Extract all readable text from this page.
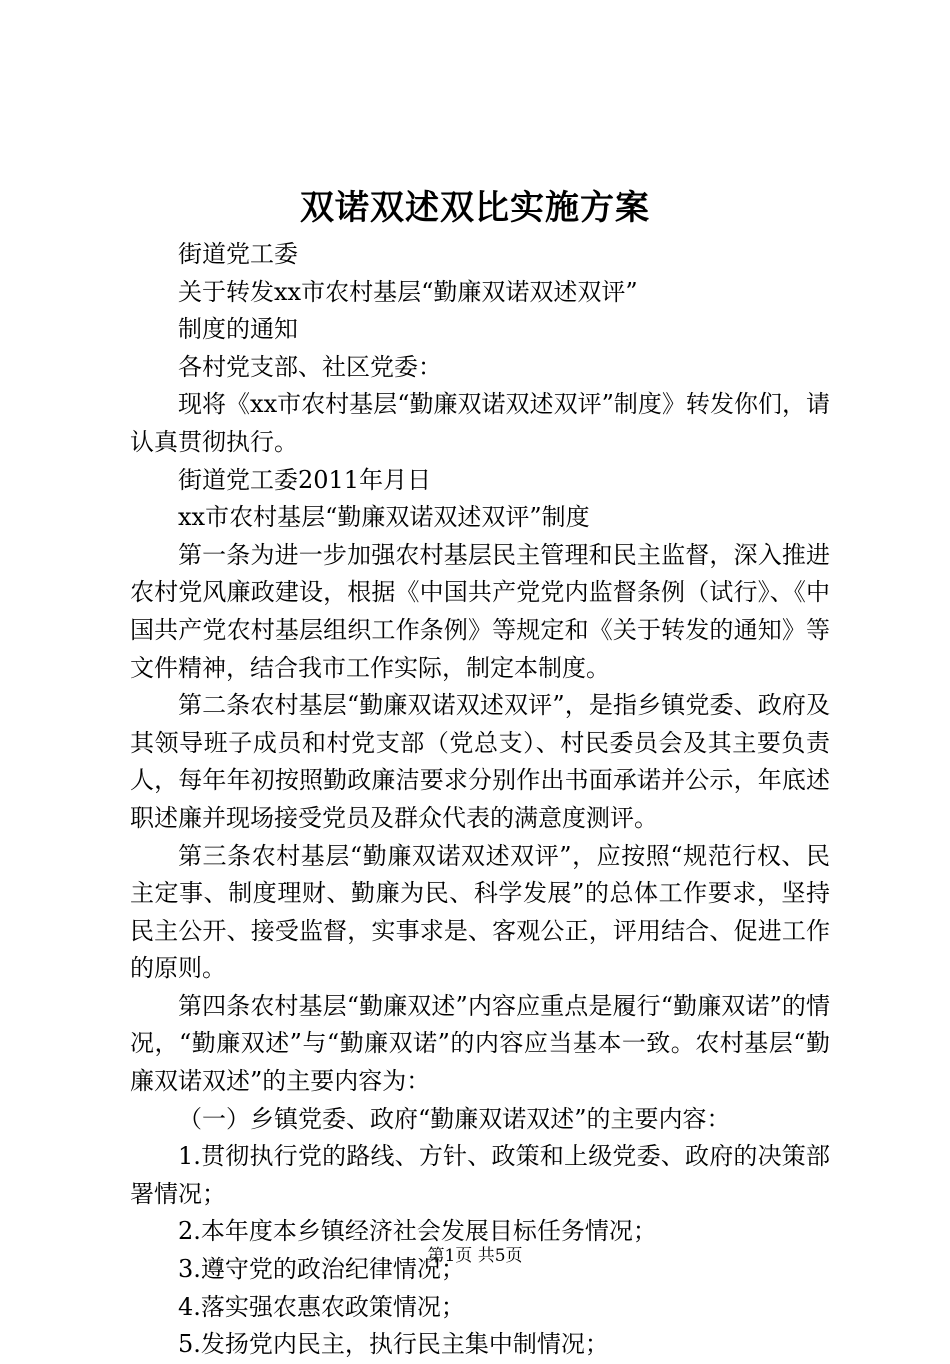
双诺双述双比实施方案

街道党工委

关于转发xx市农村基层“勤廉双诺双述双评”

制度的通知

各村党支部、社区党委：

现将《xx市农村基层“勤廉双诺双述双评”制度》转发你们，请认真贯彻执行。

街道党工委2011年月日

xx市农村基层“勤廉双诺双述双评”制度

第一条为进一步加强农村基层民主管理和民主监督，深入推进农村党风廉政建设，根据《中国共产党党内监督条例（试行》、《中国共产党农村基层组织工作条例》等规定和《关于转发的通知》等文件精神，结合我市工作实际，制定本制度。

第二条农村基层“勤廉双诺双述双评”，是指乡镇党委、政府及其领导班子成员和村党支部（党总支）、村民委员会及其主要负责人，每年年初按照勤政廉洁要求分别作出书面承诺并公示，年底述职述廉并现场接受党员及群众代表的满意度测评。

第三条农村基层“勤廉双诺双述双评”，应按照“规范行权、民主定事、制度理财、勤廉为民、科学发展”的总体工作要求，坚持民主公开、接受监督，实事求是、客观公正，评用结合、促进工作的原则。

第四条农村基层“勤廉双述”内容应重点是履行“勤廉双诺”的情况，“勤廉双述”与“勤廉双诺”的内容应当基本一致。农村基层“勤廉双诺双述”的主要内容为：

（一）乡镇党委、政府“勤廉双诺双述”的主要内容：

1.贯彻执行党的路线、方针、政策和上级党委、政府的决策部署情况；

2.本年度本乡镇经济社会发展目标任务情况；

3.遵守党的政治纪律情况；

4.落实强农惠农政策情况；

5.发扬党内民主，执行民主集中制情况；

第1页 共5页
